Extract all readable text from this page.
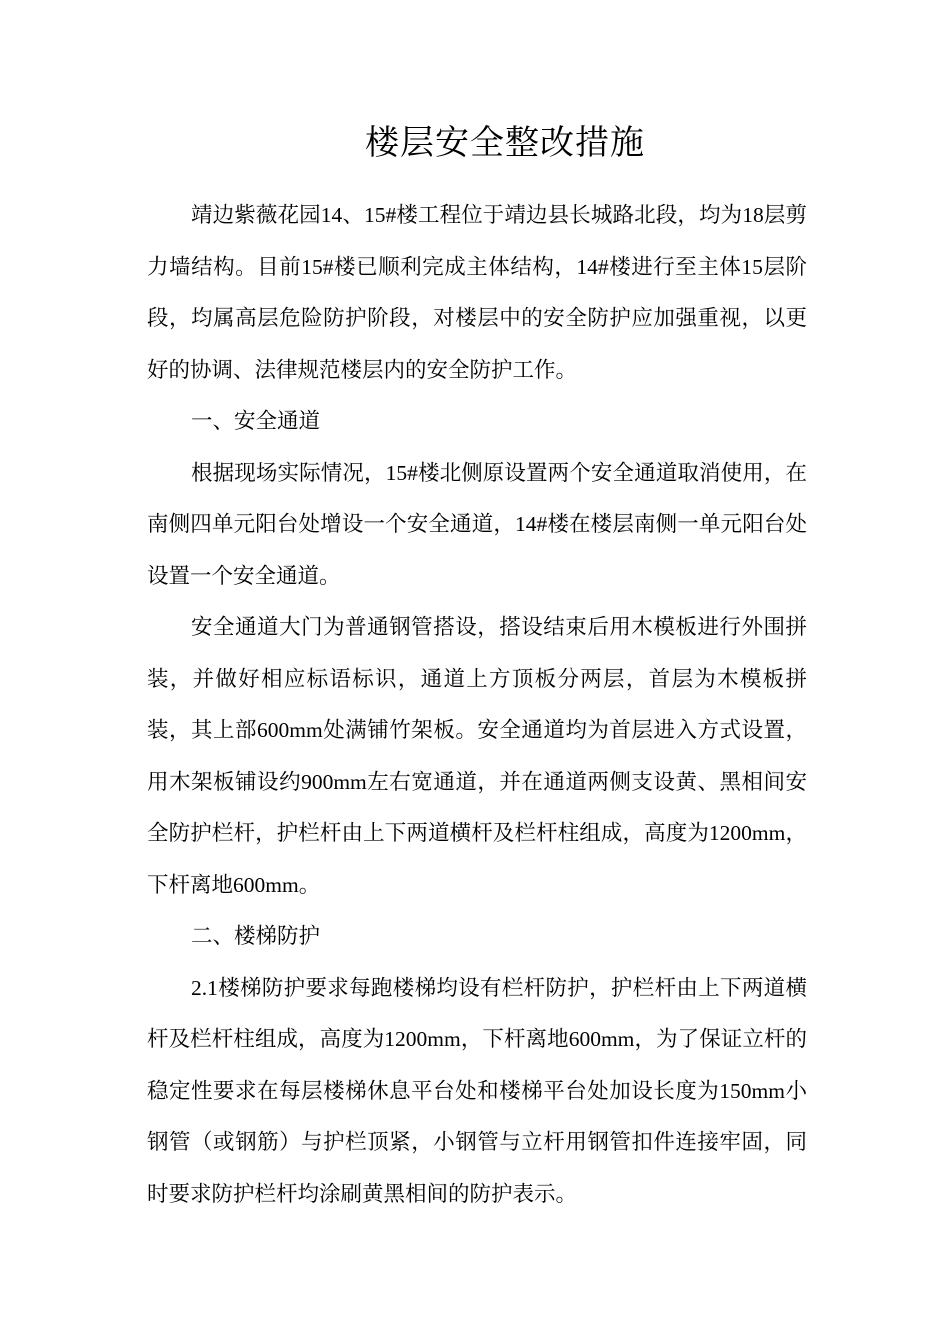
楼层安全整改措施

靖边紫薇花园14、15#楼工程位于靖边县长城路北段，均为18层剪力墙结构。目前15#楼已顺利完成主体结构，14#楼进行至主体15层阶段，均属高层危险防护阶段，对楼层中的安全防护应加强重视，以更好的协调、法律规范楼层内的安全防护工作。

一、安全通道

根据现场实际情况，15#楼北侧原设置两个安全通道取消使用，在南侧四单元阳台处增设一个安全通道，14#楼在楼层南侧一单元阳台处设置一个安全通道。

安全通道大门为普通钢管搭设，搭设结束后用木模板进行外围拼装，并做好相应标语标识，通道上方顶板分两层，首层为木模板拼装，其上部600mm处满铺竹架板。安全通道均为首层进入方式设置，用木架板铺设约900mm左右宽通道，并在通道两侧支设黄、黑相间安全防护栏杆，护栏杆由上下两道横杆及栏杆柱组成，高度为1200mm，下杆离地600mm。

二、楼梯防护

2.1楼梯防护要求每跑楼梯均设有栏杆防护，护栏杆由上下两道横杆及栏杆柱组成，高度为1200mm，下杆离地600mm，为了保证立杆的稳定性要求在每层楼梯休息平台处和楼梯平台处加设长度为150mm小钢管（或钢筋）与护栏顶紧，小钢管与立杆用钢管扣件连接牢固，同时要求防护栏杆均涂刷黄黑相间的防护表示。
